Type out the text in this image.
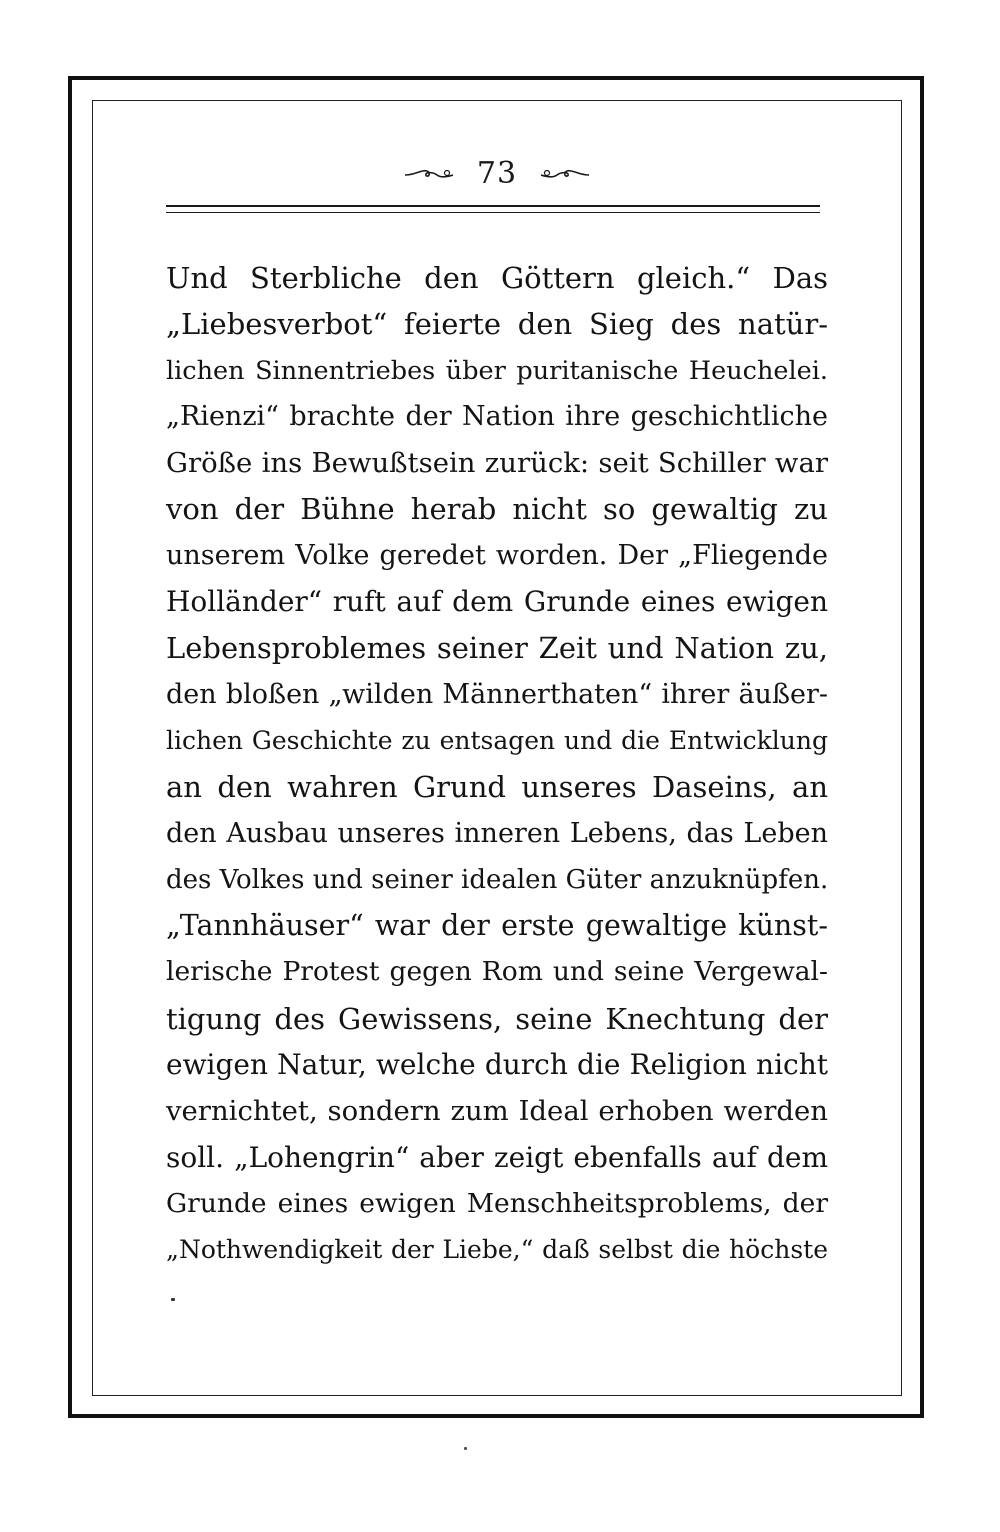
73
Und Sterbliche den Göttern gleich.“ Das
„Liebesverbot“ feierte den Sieg des natür-
lichen Sinnentriebes über puritanische Heuchelei.
„Rienzi“ brachte der Nation ihre geschichtliche
Größe ins Bewußtsein zurück: seit Schiller war
von der Bühne herab nicht so gewaltig zu
unserem Volke geredet worden. Der „Fliegende
Holländer“ ruft auf dem Grunde eines ewigen
Lebensproblemes seiner Zeit und Nation zu,
den bloßen „wilden Männerthaten“ ihrer äußer-
lichen Geschichte zu entsagen und die Entwicklung
an den wahren Grund unseres Daseins, an
den Ausbau unseres inneren Lebens, das Leben
des Volkes und seiner idealen Güter anzuknüpfen.
„Tannhäuser“ war der erste gewaltige künst-
lerische Protest gegen Rom und seine Vergewal-
tigung des Gewissens, seine Knechtung der
ewigen Natur, welche durch die Religion nicht
vernichtet, sondern zum Ideal erhoben werden
soll. „Lohengrin“ aber zeigt ebenfalls auf dem
Grunde eines ewigen Menschheitsproblems, der
„Nothwendigkeit der Liebe,“ daß selbst die höchste
